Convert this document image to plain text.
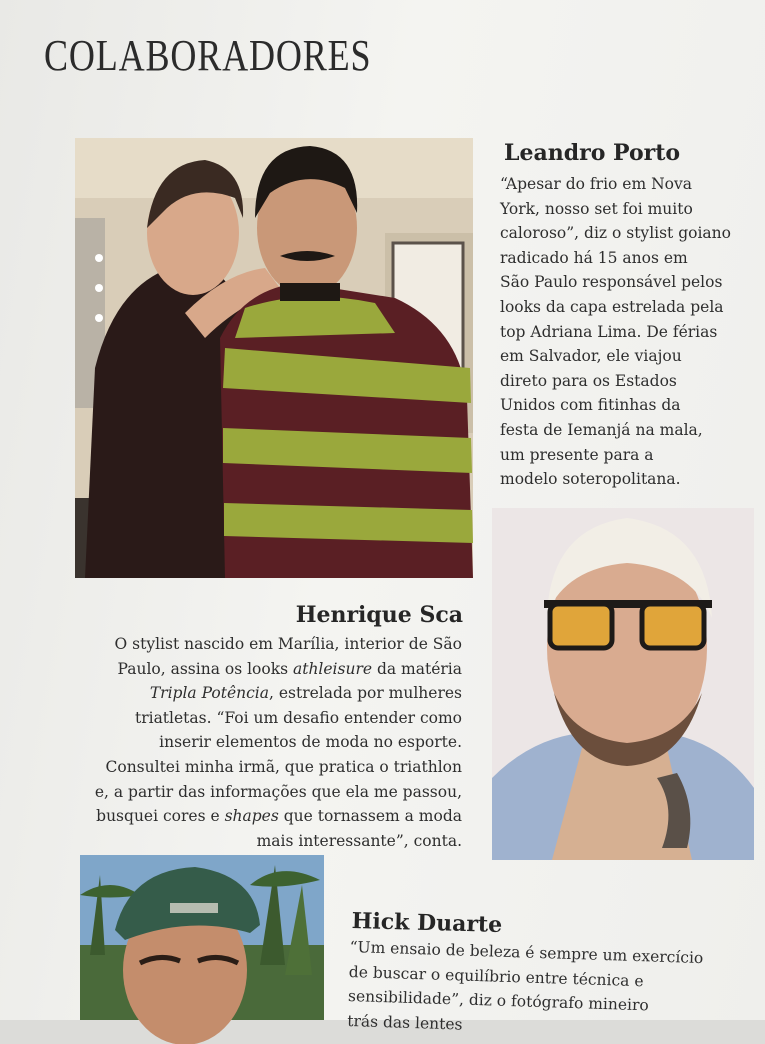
COLABORADORES
Leandro Porto

“Apesar do frio em Nova
York, nosso set foi muito
caloroso”, diz o stylist goiano
radicado há 15 anos em
São Paulo responsável pelos
looks da capa estrelada pela
top Adriana Lima. De férias
em Salvador, ele viajou
direto para os Estados
Unidos com fitinhas da
festa de Iemanjá na mala,
um presente para a
modelo soteropolitana.

Henrique Sca

O stylist nascido em Marília, interior de São
Paulo, assina os looks athleisure da matéria
Tripla Potência, estrelada por mulheres
triatletas. “Foi um desafio entender como
inserir elementos de moda no esporte.
Consultei minha irmã, que pratica o triathlon
e, a partir das informações que ela me passou,
busquei cores e shapes que tornassem a moda
mais interessante”, conta.

Hick Duarte

“Um ensaio de beleza é sempre um exercício
de buscar o equilíbrio entre técnica e
sensibilidade”, diz o fotógrafo mineiro
trás das lentes
